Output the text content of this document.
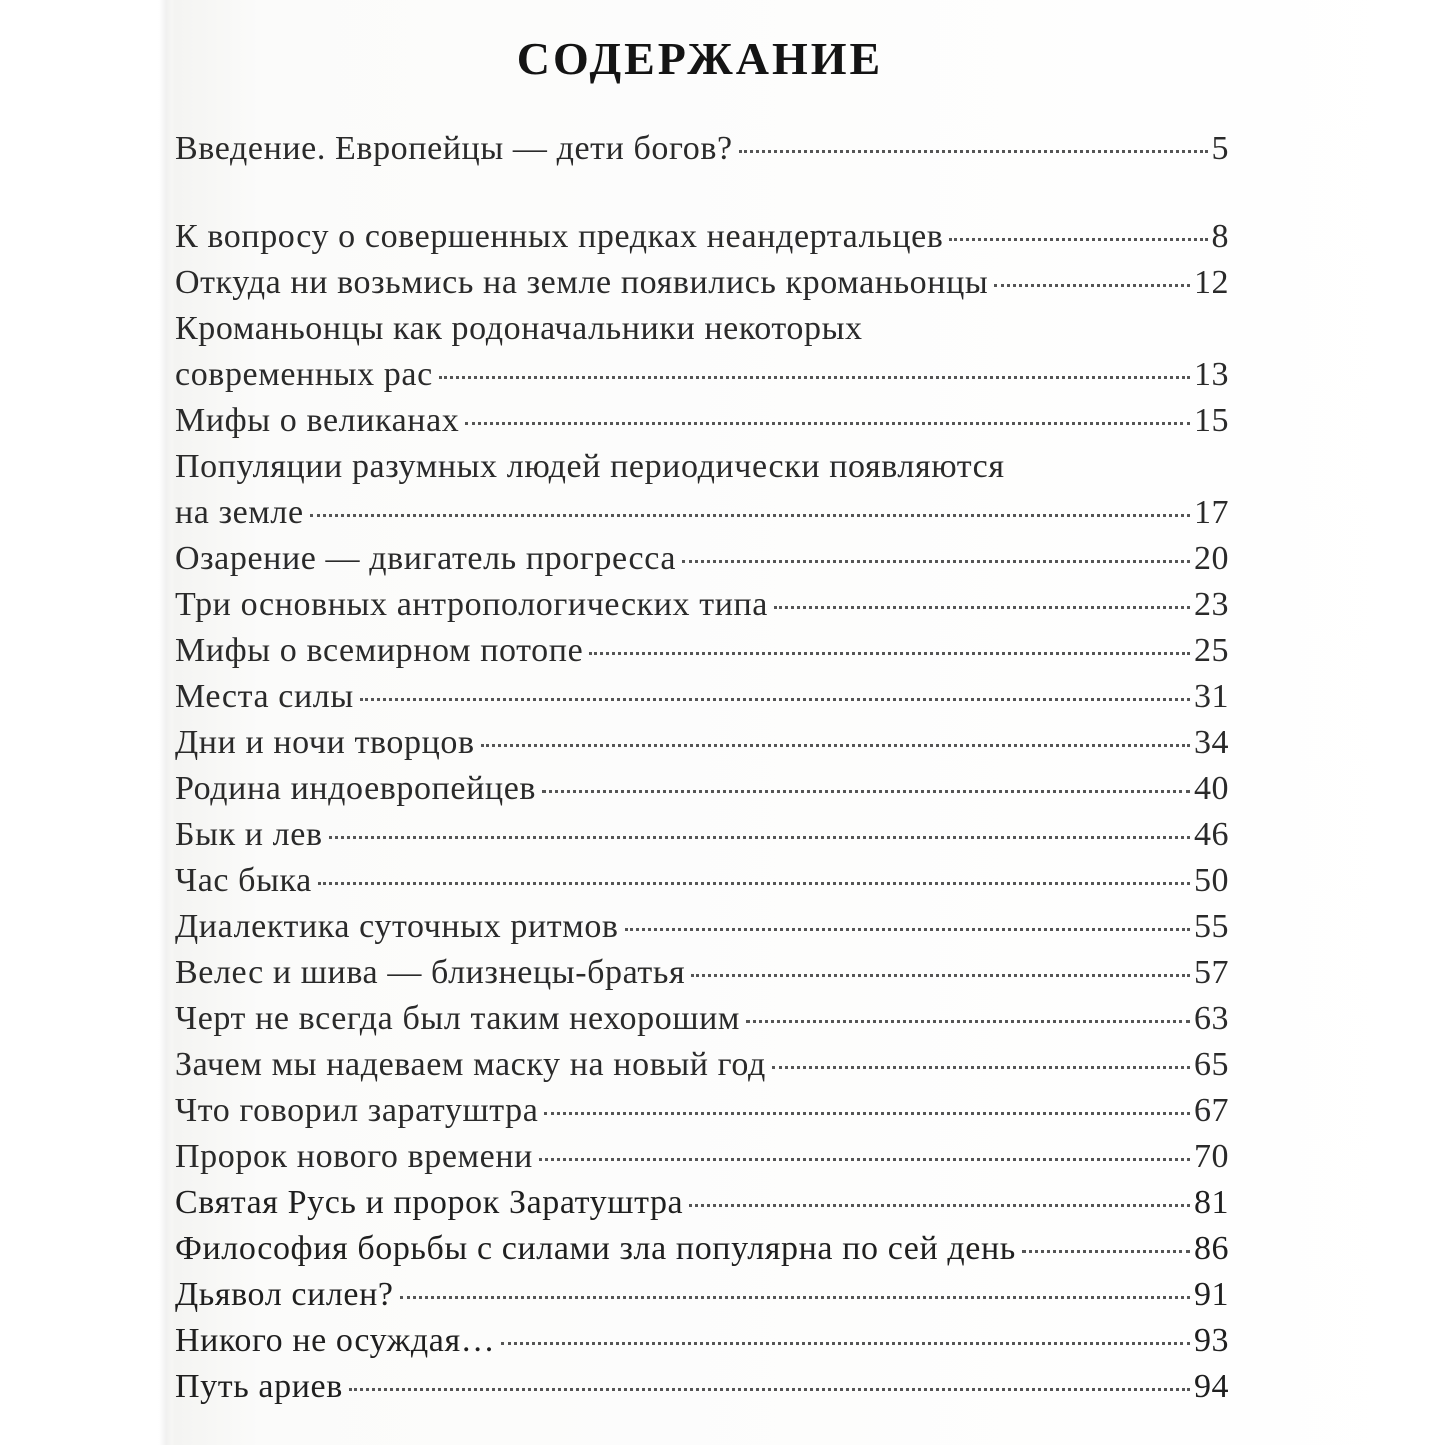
СОДЕРЖАНИЕ
Введение. Европейцы — дети богов?	5
К вопросу о совершенных предках неандертальцев	8
Откуда ни возьмись на земле появились кроманьонцы	12
Кроманьонцы как родоначальники некоторых
современных рас	13
Мифы о великанах	15
Популяции разумных людей периодически появляются
на земле	17
Озарение — двигатель прогресса	20
Три основных антропологических типа	23
Мифы о всемирном потопе	25
Места силы	31
Дни и ночи творцов	34
Родина индоевропейцев	40
Бык и лев	46
Час быка	50
Диалектика суточных ритмов	55
Велес и шива — близнецы-братья	57
Черт не всегда был таким нехорошим	63
Зачем мы надеваем маску на новый год	65
Что говорил заратуштра	67
Пророк нового времени	70
Святая Русь и пророк Заратуштра	81
Философия борьбы с силами зла популярна по сей день	86
Дьявол силен?	91
Никого не осуждая…	93
Путь ариев	94
